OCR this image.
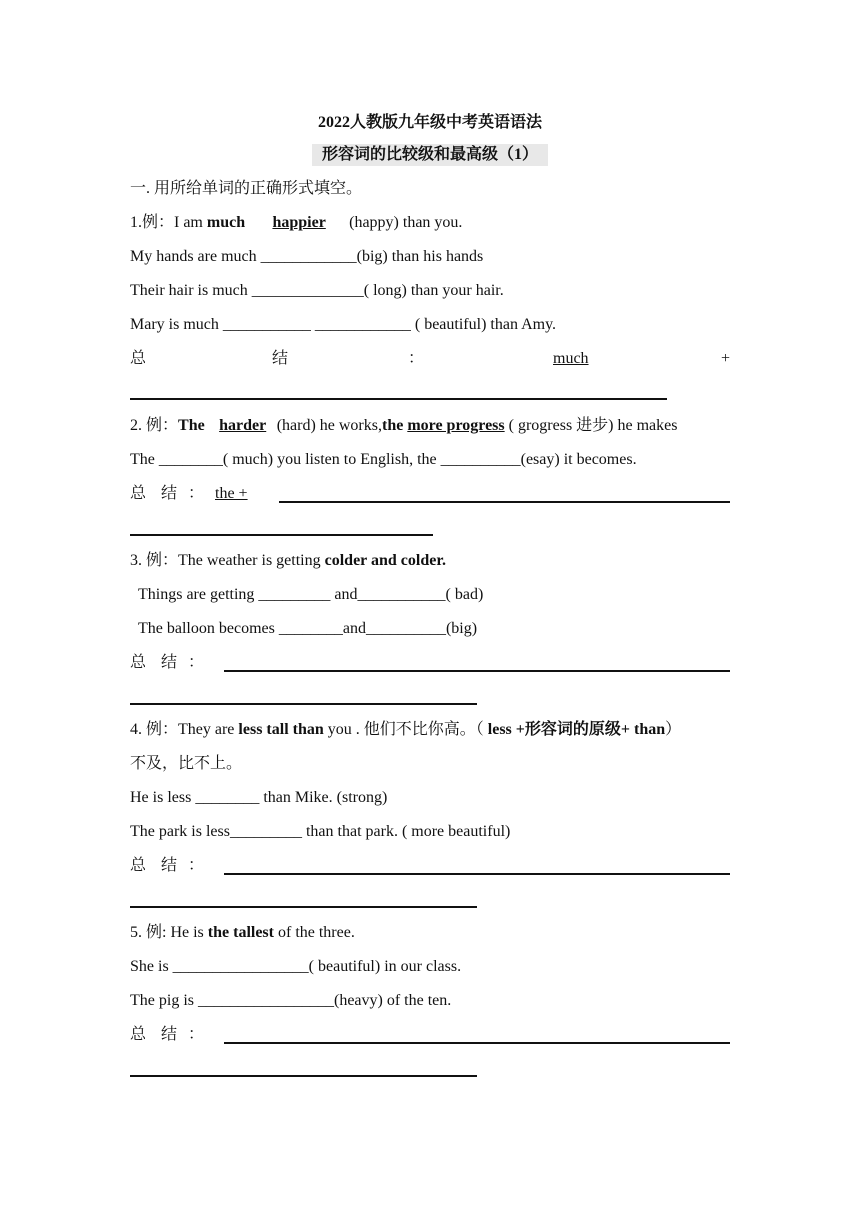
2022人教版九年级中考英语语法
形容词的比较级和最高级（1）
一. 用所给单词的正确形式填空。
1.例：I am much happier (happy) than you.
My hands are much ____________(big) than his hands
Their hair is much ______________( long) than your hair.
Mary is much ___________ ____________ ( beautiful) than Amy.
总	结	：	much	+
2. 例：The harder (hard) he works,the more progress ( grogress 进步) he makes
The ________( much) you listen to English, the __________(esay) it becomes.
总 结 ： the +
3. 例：The weather is getting colder and colder.
Things are getting _________ and___________( bad)
The balloon becomes ________and__________(big)
总 结 ：
4. 例：They are less tall than you . 他们不比你高。（ less +形容词的原级+ than）
不及，比不上。
He is less ________ than Mike. (strong)
The park is less_________ than that park. ( more beautiful)
总 结 ：
5. 例: He is the tallest of the three.
She is _________________( beautiful) in our class.
The pig is _________________(heavy) of the ten.
总 结 ：
